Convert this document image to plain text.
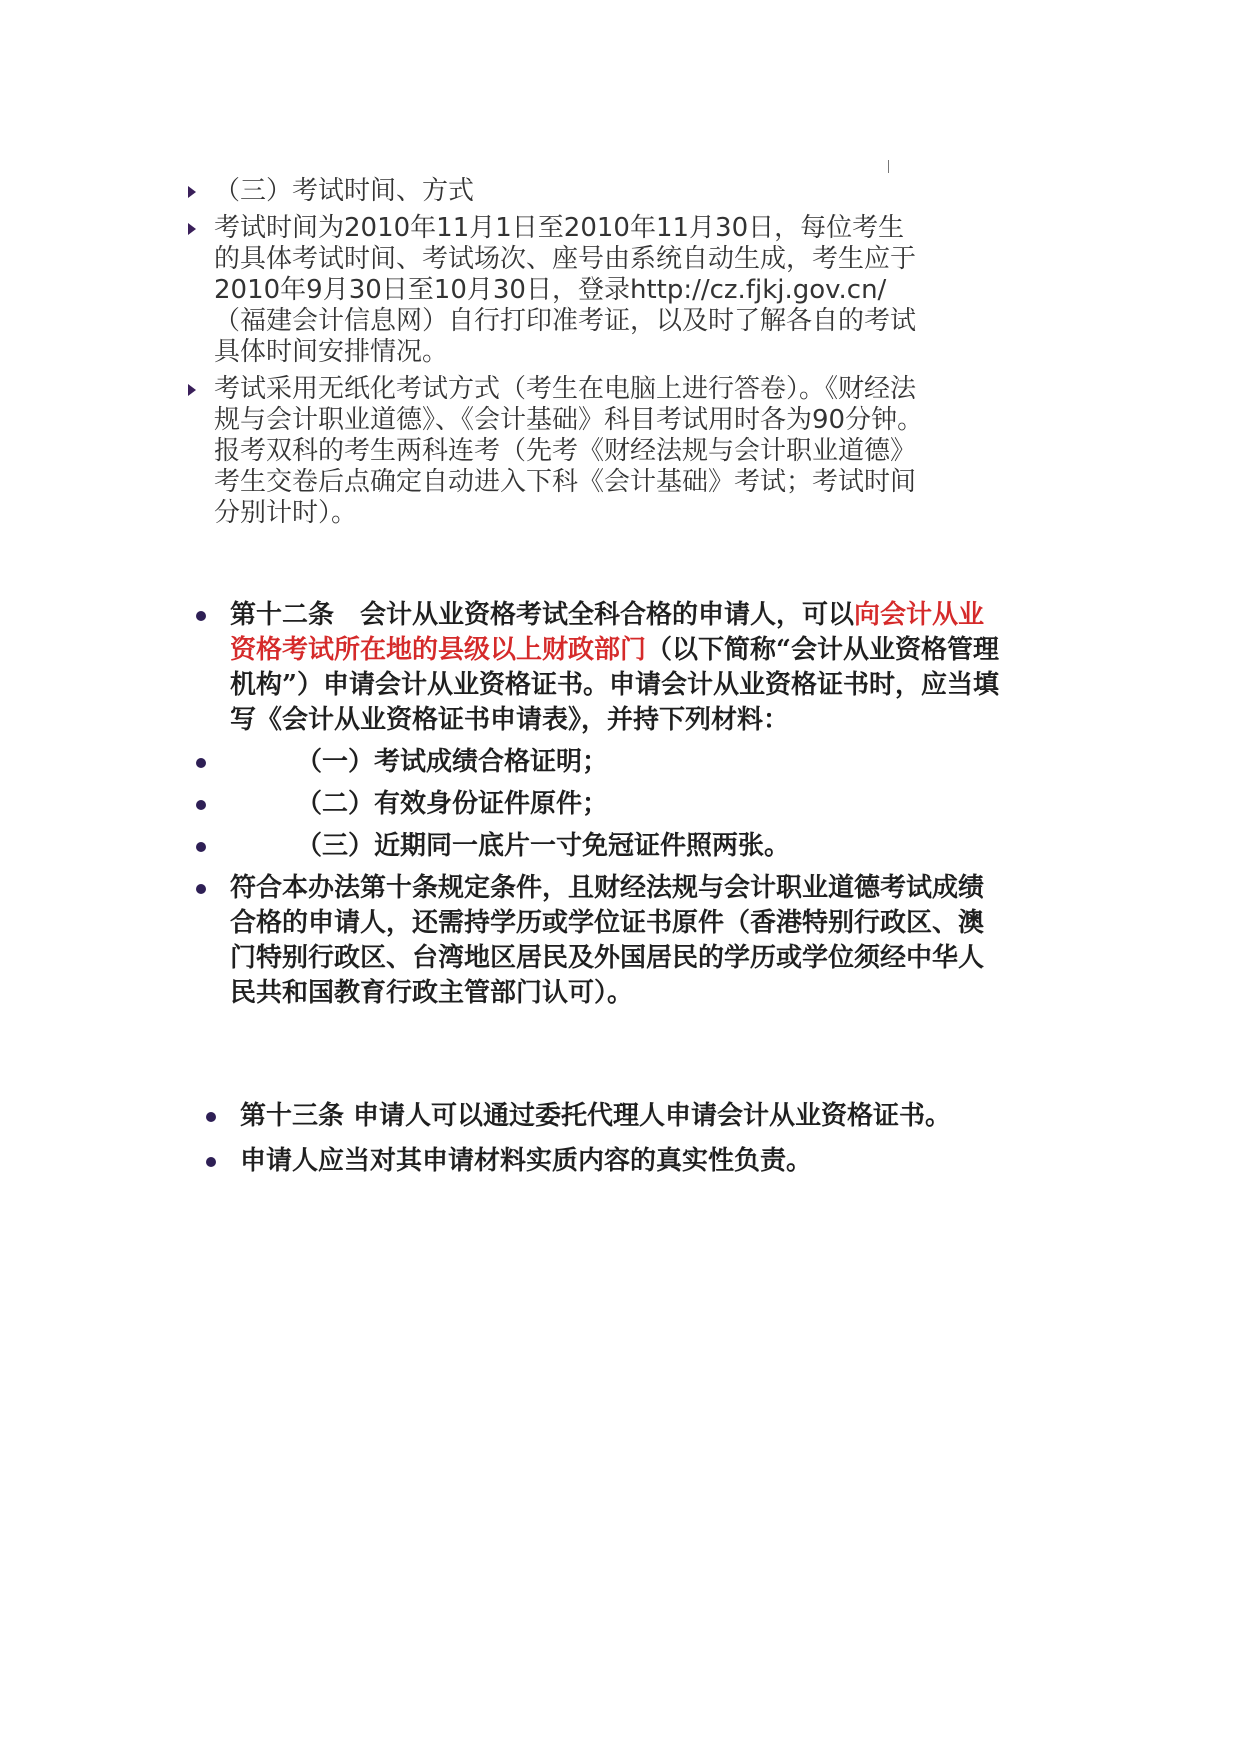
（三）考试时间、方式
考试时间为2010年11月1日至2010年11月30日，每位考生的具体考试时间、考试场次、座号由系统自动生成，考生应于2010年9月30日至10月30日，登录http://cz.fjkj.gov.cn/（福建会计信息网）自行打印准考证，以及时了解各自的考试具体时间安排情况。
考试采用无纸化考试方式（考生在电脑上进行答卷）。《财经法规与会计职业道德》、《会计基础》科目考试用时各为90分钟。报考双科的考生两科连考（先考《财经法规与会计职业道德》考生交卷后点确定自动进入下科《会计基础》考试；考试时间分别计时）。
第十二条　会计从业资格考试全科合格的申请人，可以向会计从业资格考试所在地的县级以上财政部门（以下简称“会计从业资格管理机构”）申请会计从业资格证书。申请会计从业资格证书时，应当填写《会计从业资格证书申请表》，并持下列材料：
（一）考试成绩合格证明；
（二）有效身份证件原件；
（三）近期同一底片一寸免冠证件照两张。
符合本办法第十条规定条件，且财经法规与会计职业道德考试成绩合格的申请人，还需持学历或学位证书原件（香港特别行政区、澳门特别行政区、台湾地区居民及外国居民的学历或学位须经中华人民共和国教育行政主管部门认可）。
第十三条 申请人可以通过委托代理人申请会计从业资格证书。
申请人应当对其申请材料实质内容的真实性负责。
